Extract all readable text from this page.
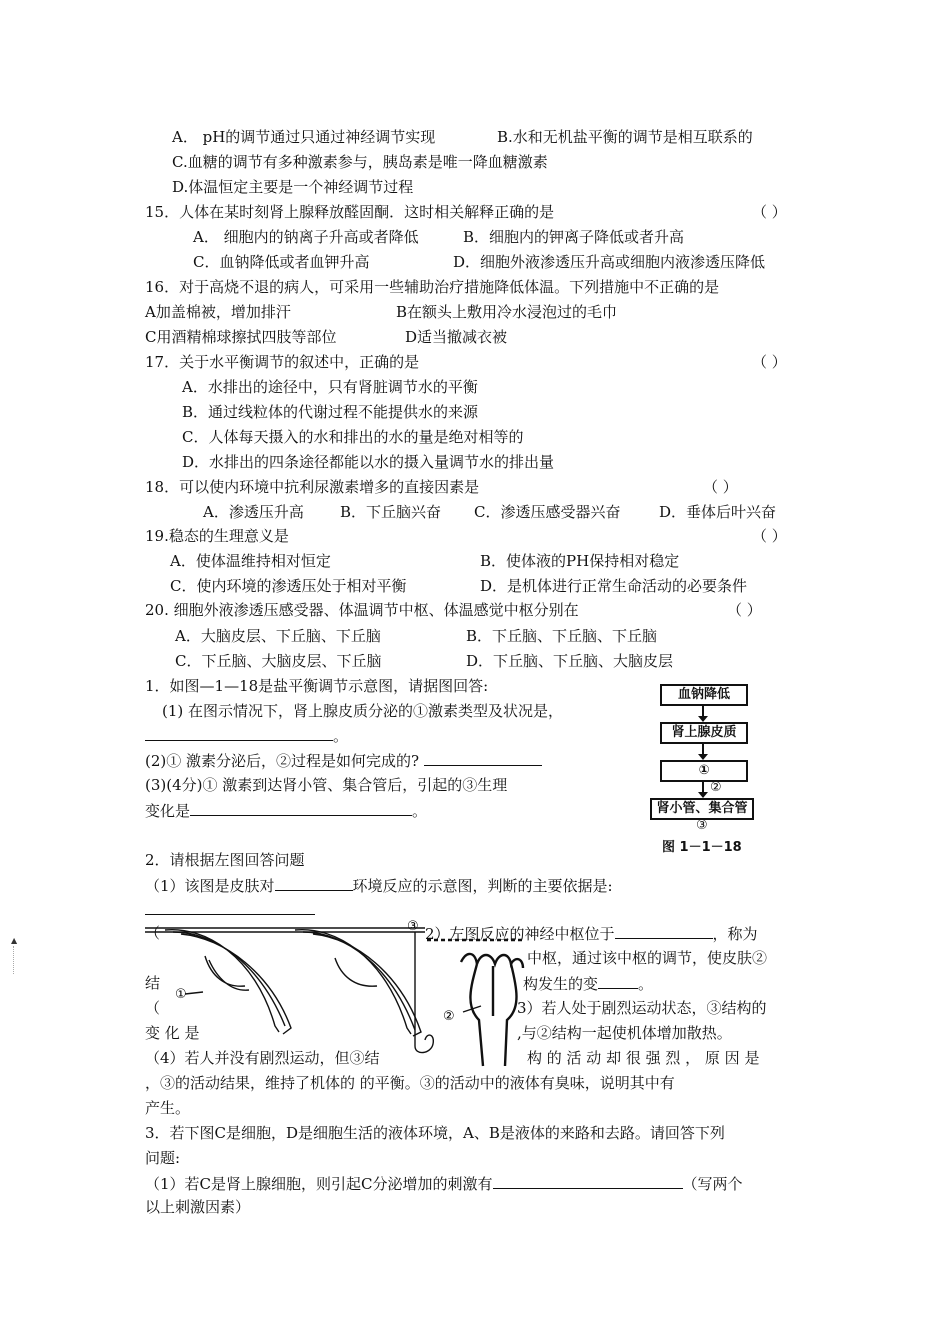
A． pH的调节通过只通过神经调节实现	B.水和无机盐平衡的调节是相互联系的
C.血糖的调节有多种激素参与，胰岛素是唯一降血糖激素
D.体温恒定主要是一个神经调节过程
15．人体在某时刻肾上腺释放醛固酮．这时相关解释正确的是	（ ）
A． 细胞内的钠离子升高或者降低	B．细胞内的钾离子降低或者升高
C．血钠降低或者血钾升高	D．细胞外液渗透压升高或细胞内液渗透压降低
16．对于高烧不退的病人，可采用一些辅助治疗措施降低体温。下列措施中不正确的是
A加盖棉被，增加排汗	B在额头上敷用冷水浸泡过的毛巾
C用酒精棉球擦拭四肢等部位	D适当撤减衣被
17．关于水平衡调节的叙述中，正确的是	（ ）
A．水排出的途径中，只有肾脏调节水的平衡
B．通过线粒体的代谢过程不能提供水的来源
C．人体每天摄入的水和排出的水的量是绝对相等的
D．水排出的四条途径都能以水的摄入量调节水的排出量
18．可以使内环境中抗利尿激素增多的直接因素是	（ ）
A．渗透压升高 B．下丘脑兴奋 C．渗透压感受器兴奋	D．垂体后叶兴奋
19.稳态的生理意义是	（ ）
A．使体温维持相对恒定	B．使体液的PH保持相对稳定
C．使内环境的渗透压处于相对平衡	D．是机体进行正常生命活动的必要条件
20. 细胞外液渗透压感受器、体温调节中枢、体温感觉中枢分别在	（ ）
A．大脑皮层、下丘脑、下丘脑	B．下丘脑、下丘脑、下丘脑
C．下丘脑、大脑皮层、下丘脑	D．下丘脑、下丘脑、大脑皮层
1．如图—1—18是盐平衡调节示意图，请据图回答:
(1) 在图示情况下，肾上腺皮质分泌的①激素类型及状况是，
。
(2)① 激素分泌后，②过程是如何完成的?
(3)(4分)① 激素到达肾小管、集合管后，引起的③生理
变化是	。
血钠降低
肾上腺皮质
①
②
肾小管、集合管
③
图 1－1－18
2．请根据左图回答问题
（1）该图是皮肤对	环境反应的示意图，判断的主要依据是:
①
②
③
（
结
（
变 化 是
2）左图反应的神经中枢位于	，称为
中枢，通过该中枢的调节，使皮肤②
构发生的变	。
3）若人处于剧烈运动状态，③结构的
,与②结构一起使机体增加散热。
（4）若人并没有剧烈运动，但③结	构 的 活 动 却 很 强 烈 ， 原 因 是
，③的活动结果，维持了机体的 的平衡。③的活动中的液体有臭味，说明其中有
产生。
3．若下图C是细胞，D是细胞生活的液体环境，A、B是液体的来路和去路。请回答下列
问题:
（1）若C是肾上腺细胞，则引起C分泌增加的刺激有	（写两个
以上刺激因素）
▲
